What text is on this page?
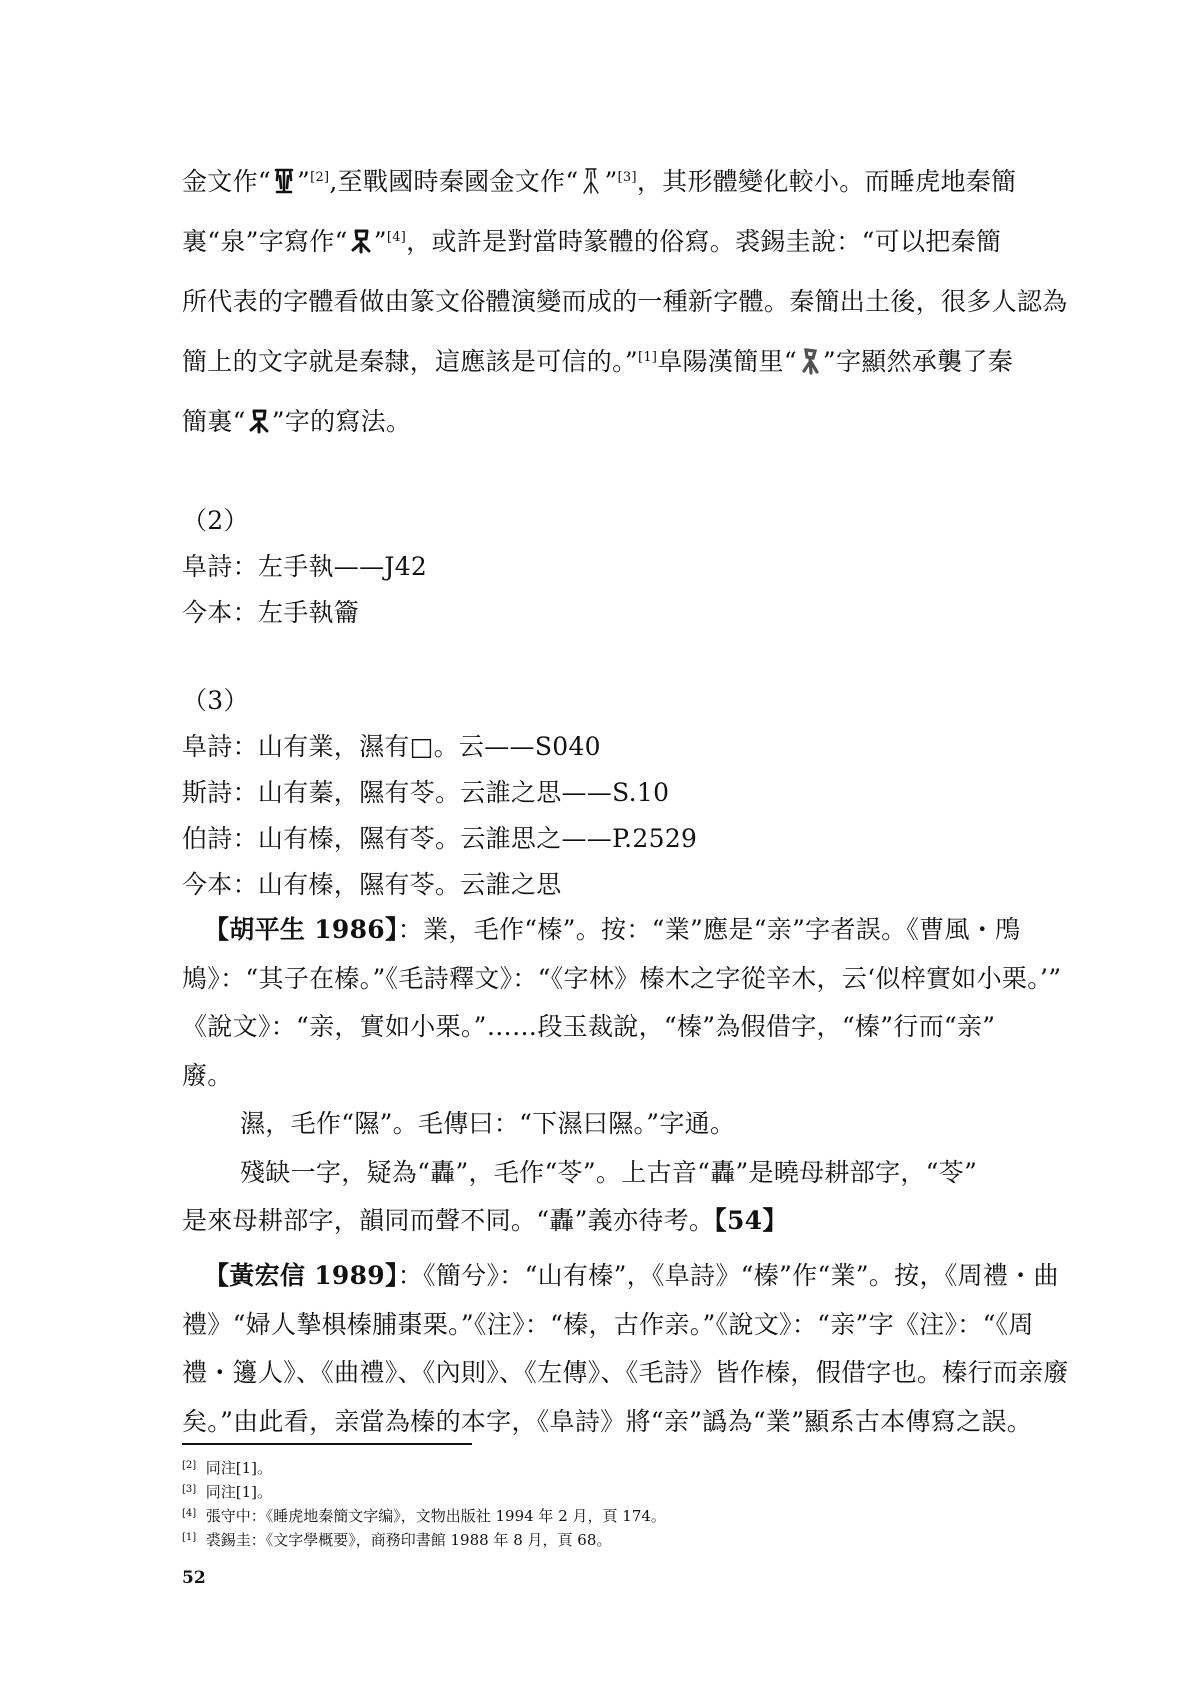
金文作“ ”[2],至戰國時秦國金文作“ ”[3]，其形體變化較小。而睡虎地秦簡

裏“泉”字寫作“ ”[4]，或許是對當時篆體的俗寫。裘錫圭說：“可以把秦簡

所代表的字體看做由篆文俗體演變而成的一種新字體。秦簡出土後，很多人認為

簡上的文字就是秦隸，這應該是可信的。”[1]阜陽漢簡里“ ”字顯然承襲了秦

簡裏“ ”字的寫法。

（2）

阜詩：左手執——J42

今本：左手執籥

（3）

阜詩：山有業，濕有□。云——S040

斯詩：山有蓁，隰有苓。云誰之思——S.10

伯詩：山有榛，隰有苓。云誰思之——P.2529

今本：山有榛，隰有苓。云誰之思

【胡平生 1986】：業，毛作“榛”。按：“業”應是“亲”字者誤。《曹風・鳲

鳩》：“其子在榛。”《毛詩釋文》：“《字林》榛木之字從辛木，云‘似梓實如小栗。’”

《說文》：“亲，實如小栗。”……段玉裁說，“榛”為假借字，“榛”行而“亲”

廢。

濕，毛作“隰”。毛傳曰：“下濕曰隰。”字通。

殘缺一字，疑為“轟”，毛作“苓”。上古音“轟”是曉母耕部字，“苓”

是來母耕部字，韻同而聲不同。“轟”義亦待考。【54】

【黃宏信 1989】：《簡兮》：“山有榛”，《阜詩》“榛”作“業”。按，《周禮・曲

禮》“婦人摯椇榛脯棗栗。”《注》：“榛，古作亲。”《說文》：“亲”字《注》：“《周

禮・籩人》、《曲禮》、《內則》、《左傳》、《毛詩》皆作榛，假借字也。榛行而亲廢

矣。”由此看，亲當為榛的本字，《阜詩》將“亲”譌為“業”顯系古本傳寫之誤。

[2] 同注[1]。

[3] 同注[1]。

[4] 張守中：《睡虎地秦簡文字编》，文物出版社 1994 年 2 月，頁 174。

[1] 裘錫圭：《文字學概要》，商務印書館 1988 年 8 月，頁 68。

52
